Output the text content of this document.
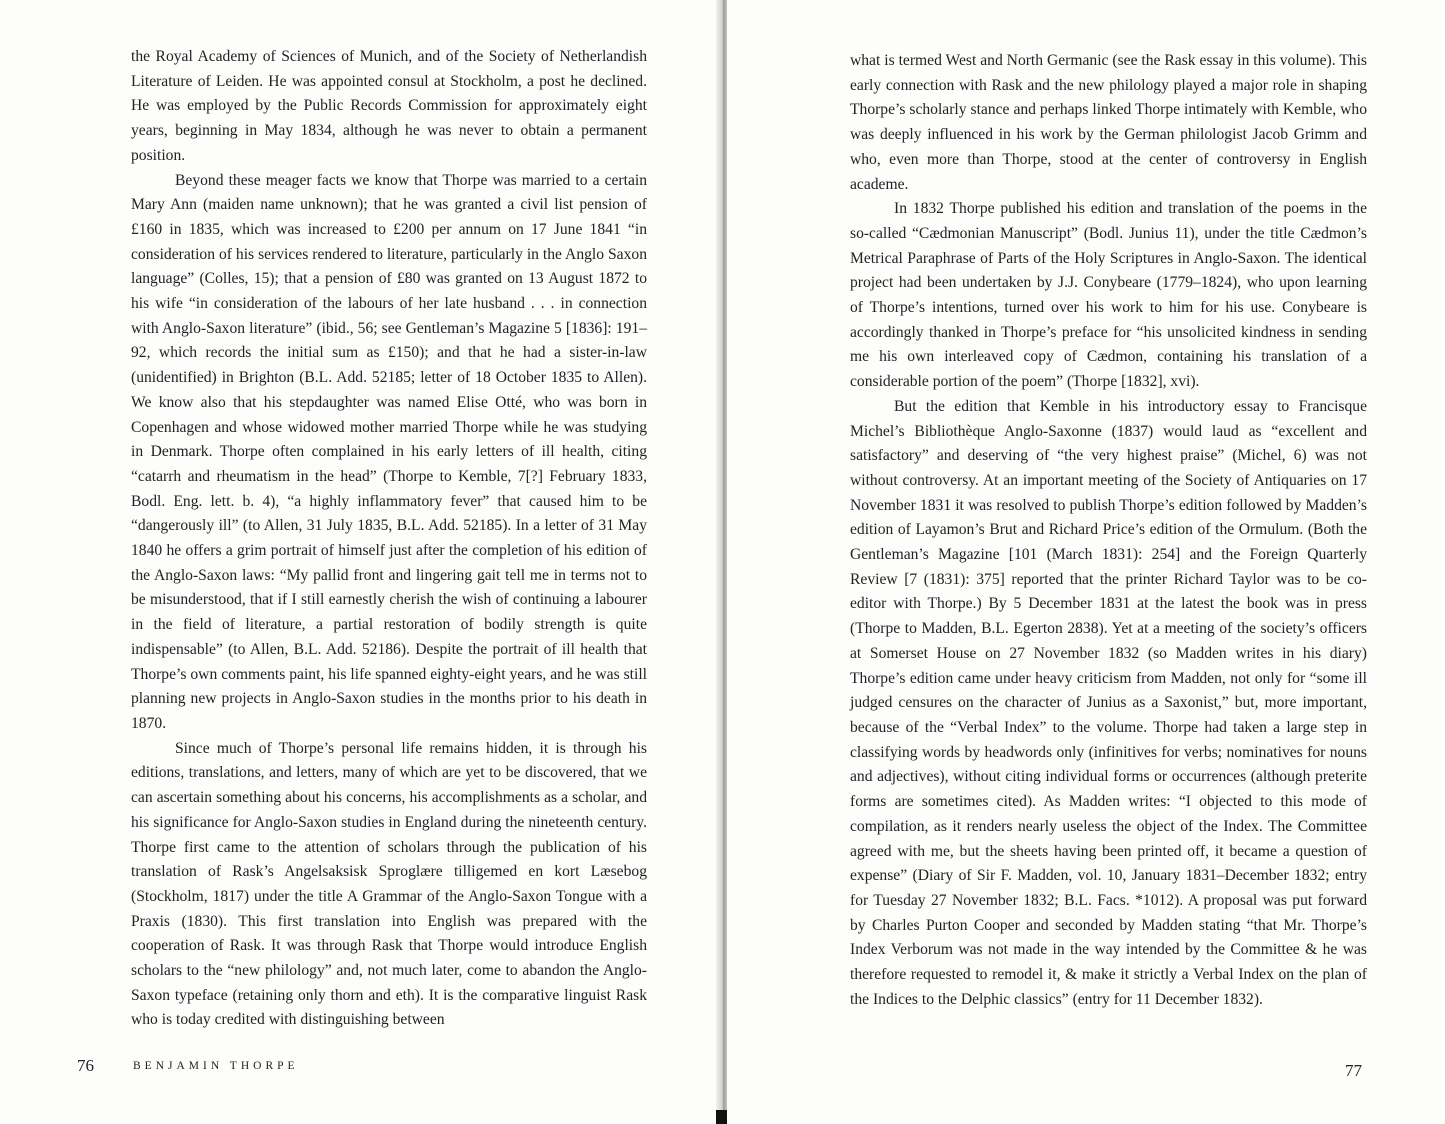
the Royal Academy of Sciences of Munich, and of the Society of Netherlandish Literature of Leiden. He was appointed consul at Stockholm, a post he declined. He was employed by the Public Records Commission for approximately eight years, beginning in May 1834, although he was never to obtain a permanent position.

Beyond these meager facts we know that Thorpe was married to a certain Mary Ann (maiden name unknown); that he was granted a civil list pension of £160 in 1835, which was increased to £200 per annum on 17 June 1841 “in consideration of his services rendered to literature, particularly in the Anglo Saxon language” (Colles, 15); that a pension of £80 was granted on 13 August 1872 to his wife “in consideration of the labours of her late husband . . . in connection with Anglo-Saxon literature” (ibid., 56; see Gentleman’s Magazine 5 [1836]: 191–92, which records the initial sum as £150); and that he had a sister-in-law (unidentified) in Brighton (B.L. Add. 52185; letter of 18 October 1835 to Allen). We know also that his stepdaughter was named Elise Otté, who was born in Copenhagen and whose widowed mother married Thorpe while he was studying in Denmark. Thorpe often complained in his early letters of ill health, citing “catarrh and rheumatism in the head” (Thorpe to Kemble, 7[?] February 1833, Bodl. Eng. lett. b. 4), “a highly inflammatory fever” that caused him to be “dangerously ill” (to Allen, 31 July 1835, B.L. Add. 52185). In a letter of 31 May 1840 he offers a grim portrait of himself just after the completion of his edition of the Anglo-Saxon laws: “My pallid front and lingering gait tell me in terms not to be misunderstood, that if I still earnestly cherish the wish of continuing a labourer in the field of literature, a partial restoration of bodily strength is quite indispensable” (to Allen, B.L. Add. 52186). Despite the portrait of ill health that Thorpe’s own comments paint, his life spanned eighty-eight years, and he was still planning new projects in Anglo-Saxon studies in the months prior to his death in 1870.

Since much of Thorpe’s personal life remains hidden, it is through his editions, translations, and letters, many of which are yet to be discovered, that we can ascertain something about his concerns, his accomplishments as a scholar, and his significance for Anglo-Saxon studies in England during the nineteenth century. Thorpe first came to the attention of scholars through the publication of his translation of Rask’s Angelsaksisk Sproglære tilligemed en kort Læsebog (Stockholm, 1817) under the title A Grammar of the Anglo-Saxon Tongue with a Praxis (1830). This first translation into English was prepared with the cooperation of Rask. It was through Rask that Thorpe would introduce English scholars to the “new philology” and, not much later, come to abandon the Anglo-Saxon typeface (retaining only thorn and eth). It is the comparative linguist Rask who is today credited with distinguishing between

76	BENJAMIN THORPE

what is termed West and North Germanic (see the Rask essay in this volume). This early connection with Rask and the new philology played a major role in shaping Thorpe’s scholarly stance and perhaps linked Thorpe intimately with Kemble, who was deeply influenced in his work by the German philologist Jacob Grimm and who, even more than Thorpe, stood at the center of controversy in English academe.

In 1832 Thorpe published his edition and translation of the poems in the so-called “Cædmonian Manuscript” (Bodl. Junius 11), under the title Cædmon’s Metrical Paraphrase of Parts of the Holy Scriptures in Anglo-Saxon. The identical project had been undertaken by J.J. Conybeare (1779–1824), who upon learning of Thorpe’s intentions, turned over his work to him for his use. Conybeare is accordingly thanked in Thorpe’s preface for “his unsolicited kindness in sending me his own interleaved copy of Cædmon, containing his translation of a considerable portion of the poem” (Thorpe [1832], xvi).

But the edition that Kemble in his introductory essay to Francisque Michel’s Bibliothèque Anglo-Saxonne (1837) would laud as “excellent and satisfactory” and deserving of “the very highest praise” (Michel, 6) was not without controversy. At an important meeting of the Society of Antiquaries on 17 November 1831 it was resolved to publish Thorpe’s edition followed by Madden’s edition of Layamon’s Brut and Richard Price’s edition of the Ormulum. (Both the Gentleman’s Magazine [101 (March 1831): 254] and the Foreign Quarterly Review [7 (1831): 375] reported that the printer Richard Taylor was to be co-editor with Thorpe.) By 5 December 1831 at the latest the book was in press (Thorpe to Madden, B.L. Egerton 2838). Yet at a meeting of the society’s officers at Somerset House on 27 November 1832 (so Madden writes in his diary) Thorpe’s edition came under heavy criticism from Madden, not only for “some ill judged censures on the character of Junius as a Saxonist,” but, more important, because of the “Verbal Index” to the volume. Thorpe had taken a large step in classifying words by headwords only (infinitives for verbs; nominatives for nouns and adjectives), without citing individual forms or occurrences (although preterite forms are sometimes cited). As Madden writes: “I objected to this mode of compilation, as it renders nearly useless the object of the Index. The Committee agreed with me, but the sheets having been printed off, it became a question of expense” (Diary of Sir F. Madden, vol. 10, January 1831–December 1832; entry for Tuesday 27 November 1832; B.L. Facs. *1012). A proposal was put forward by Charles Purton Cooper and seconded by Madden stating “that Mr. Thorpe’s Index Verborum was not made in the way intended by the Committee & he was therefore requested to remodel it, & make it strictly a Verbal Index on the plan of the Indices to the Delphic classics” (entry for 11 December 1832).

77
